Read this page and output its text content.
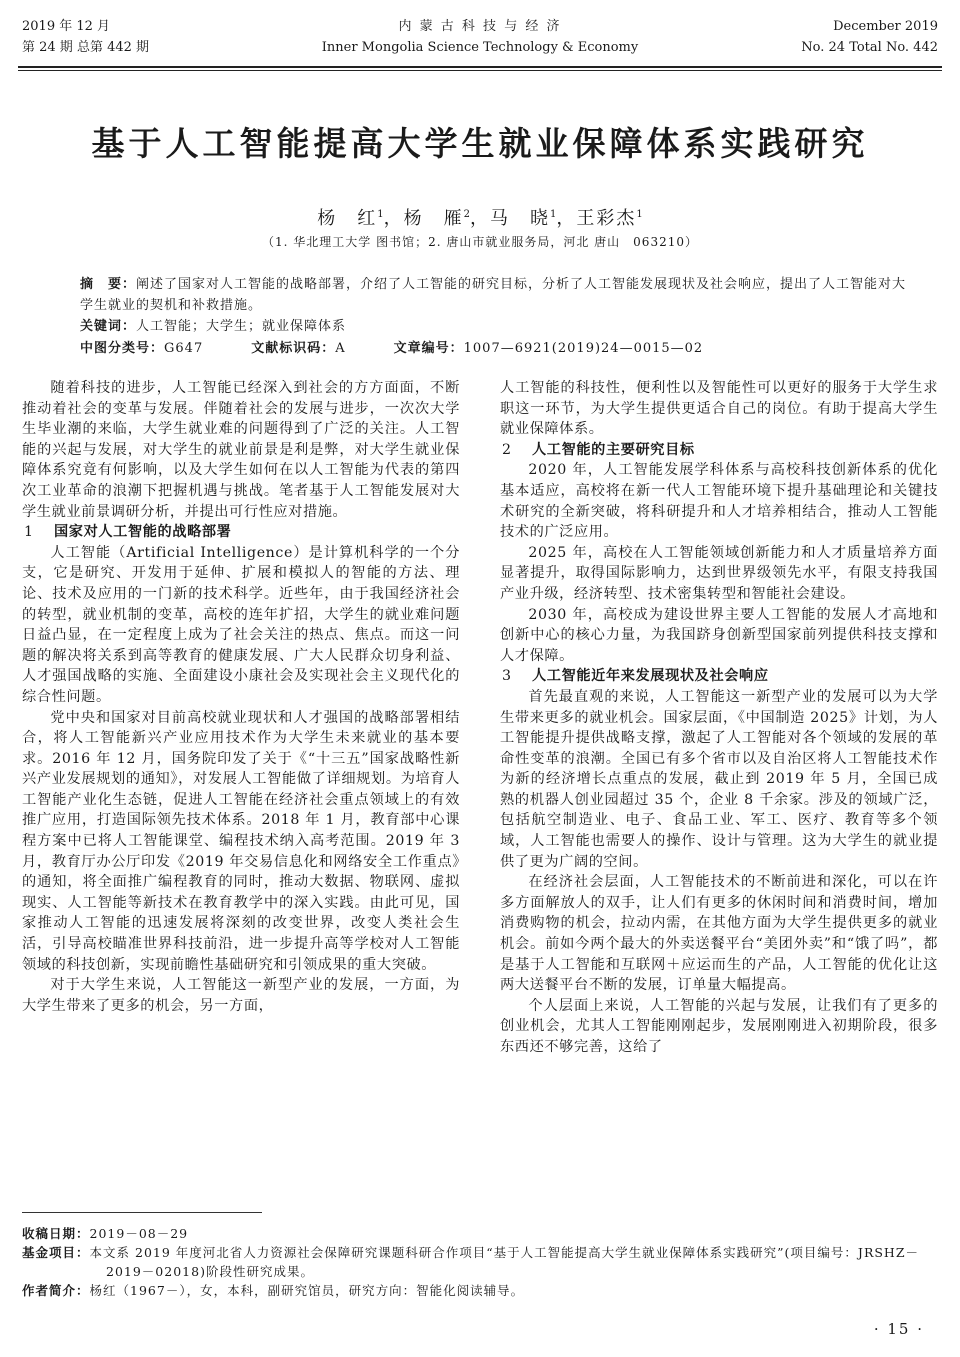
2019 年 12 月
第 24 期 总第 442 期
内 蒙 古 科 技 与 经 济
Inner Mongolia Science Technology & Economy
December 2019
No. 24 Total No. 442
基于人工智能提高大学生就业保障体系实践研究
杨　红$^1$，杨　雁$^2$，马　晓$^1$，王彩杰$^1$
（1. 华北理工大学 图书馆；2. 唐山市就业服务局，河北 唐山　063210）
摘　要：阐述了国家对人工智能的战略部署，介绍了人工智能的研究目标，分析了人工智能发展现状及社会响应，提出了人工智能对大学生就业的契机和补救措施。
关键词：人工智能；大学生；就业保障体系
中图分类号：G647	文献标识码：A	文章编号：1007—6921(2019)24—0015—02

随着科技的进步，人工智能已经深入到社会的方方面面，不断推动着社会的变革与发展。伴随着社会的发展与进步，一次次大学生毕业潮的来临，大学生就业难的问题得到了广泛的关注。人工智能的兴起与发展，对大学生的就业前景是利是弊，对大学生就业保障体系究竟有何影响，以及大学生如何在以人工智能为代表的第四次工业革命的浪潮下把握机遇与挑战。笔者基于人工智能发展对大学生就业前景调研分析，并提出可行性应对措施。

1 国家对人工智能的战略部署

人工智能（Artificial Intelligence）是计算机科学的一个分支，它是研究、开发用于延伸、扩展和模拟人的智能的方法、理论、技术及应用的一门新的技术科学。近些年，由于我国经济社会的转型，就业机制的变革，高校的连年扩招，大学生的就业难问题日益凸显，在一定程度上成为了社会关注的热点、焦点。而这一问题的解决将关系到高等教育的健康发展、广大人民群众切身利益、人才强国战略的实施、全面建设小康社会及实现社会主义现代化的综合性问题。

党中央和国家对目前高校就业现状和人才强国的战略部署相结合，将人工智能新兴产业应用技术作为大学生未来就业的基本要求。2016 年 12 月，国务院印发了关于《“十三五”国家战略性新兴产业发展规划的通知》，对发展人工智能做了详细规划。为培育人工智能产业化生态链，促进人工智能在经济社会重点领域上的有效推广应用，打造国际领先技术体系。2018 年 1 月，教育部中心课程方案中已将人工智能课堂、编程技术纳入高考范围。2019 年 3 月，教育厅办公厅印发《2019 年交易信息化和网络安全工作重点》的通知，将全面推广编程教育的同时，推动大数据、物联网、虚拟现实、人工智能等新技术在教育教学中的深入实践。由此可见，国家推动人工智能的迅速发展将深刻的改变世界，改变人类社会生活，引导高校瞄准世界科技前沿，进一步提升高等学校对人工智能领域的科技创新，实现前瞻性基础研究和引领成果的重大突破。

对于大学生来说，人工智能这一新型产业的发展，一方面，为大学生带来了更多的机会，另一方面，

人工智能的科技性，便利性以及智能性可以更好的服务于大学生求职这一环节，为大学生提供更适合自己的岗位。有助于提高大学生就业保障体系。

2 人工智能的主要研究目标

2020 年，人工智能发展学科体系与高校科技创新体系的优化基本适应，高校将在新一代人工智能环境下提升基础理论和关键技术研究的全新突破，将科研提升和人才培养相结合，推动人工智能技术的广泛应用。

2025 年，高校在人工智能领域创新能力和人才质量培养方面显著提升，取得国际影响力，达到世界级领先水平，有限支持我国产业升级，经济转型、技术密集转型和智能社会建设。

2030 年，高校成为建设世界主要人工智能的发展人才高地和创新中心的核心力量，为我国跻身创新型国家前列提供科技支撑和人才保障。

3 人工智能近年来发展现状及社会响应

首先最直观的来说，人工智能这一新型产业的发展可以为大学生带来更多的就业机会。国家层面，《中国制造 2025》计划，为人工智能提升提供战略支撑，激起了人工智能对各个领域的发展的革命性变革的浪潮。全国已有多个省市以及自治区将人工智能技术作为新的经济增长点重点的发展，截止到 2019 年 5 月，全国已成熟的机器人创业园超过 35 个，企业 8 千余家。涉及的领域广泛，包括航空制造业、电子、食品工业、军工、医疗、教育等多个领域，人工智能也需要人的操作、设计与管理。这为大学生的就业提供了更为广阔的空间。

在经济社会层面，人工智能技术的不断前进和深化，可以在许多方面解放人的双手，让人们有更多的休闲时间和消费时间，增加消费购物的机会，拉动内需，在其他方面为大学生提供更多的就业机会。前如今两个最大的外卖送餐平台“美团外卖”和“饿了吗”，都是基于人工智能和互联网＋应运而生的产品，人工智能的优化让这两大送餐平台不断的发展，订单量大幅提高。

个人层面上来说，人工智能的兴起与发展，让我们有了更多的创业机会，尤其人工智能刚刚起步，发展刚刚进入初期阶段，很多东西还不够完善，这给了

收稿日期：2019－08－29

基金项目：本文系 2019 年度河北省人力资源社会保障研究课题科研合作项目“基于人工智能提高大学生就业保障体系实践研究”(项目编号：JRSHZ－2019－02018)阶段性研究成果。

作者简介：杨红（1967－），女，本科，副研究馆员，研究方向：智能化阅读辅导。

· 15 ·
